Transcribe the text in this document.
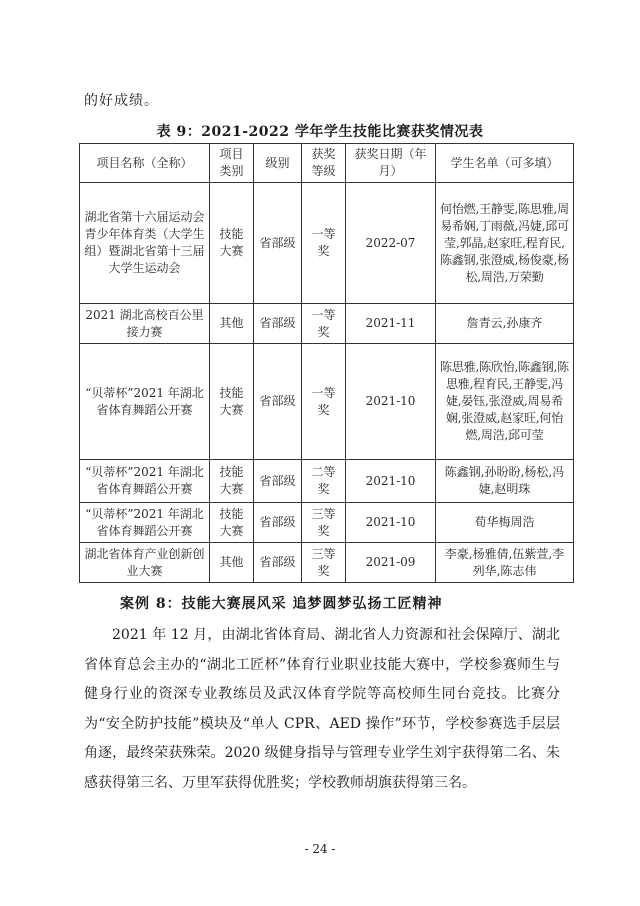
的好成绩。
表 9：2021-2022 学年学生技能比赛获奖情况表
项目名称（全称）	项目类别	级别	获奖等级	获奖日期（年月）	学生名单（可多填）
湖北省第十六届运动会青少年体育类（大学生组）暨湖北省第十三届大学生运动会	技能大赛	省部级	一等奖	2022-07	何怡燃,王静雯,陈思雅,周易希娴,丁雨薇,冯婕,邱可莹,郭晶,赵家旺,程育民,陈鑫钢,张澄威,杨俊豪,杨松,周浩,万荣勤
2021 湖北高校百公里接力赛	其他	省部级	一等奖	2021-11	詹青云,孙康齐
“贝蒂杯”2021 年湖北省体育舞蹈公开赛	技能大赛	省部级	一等奖	2021-10	陈思雅,陈欣怡,陈鑫钢,陈思雅,程育民,王静雯,冯婕,晏钰,张澄威,周易希娴,张澄威,赵家旺,何怡燃,周浩,邱可莹
“贝蒂杯”2021 年湖北省体育舞蹈公开赛	技能大赛	省部级	二等奖	2021-10	陈鑫钢,孙盼盼,杨松,冯婕,赵明珠
“贝蒂杯”2021 年湖北省体育舞蹈公开赛	技能大赛	省部级	三等奖	2021-10	荀华梅周浩
湖北省体育产业创新创业大赛	其他	省部级	三等奖	2021-09	李豪,杨雅倩,伍紫萱,李列华,陈志伟
案例 8：技能大赛展风采 追梦圆梦弘扬工匠精神
2021 年 12 月，由湖北省体育局、湖北省人力资源和社会保障厅、湖北省体育总会主办的“湖北工匠杯”体育行业职业技能大赛中，学校参赛师生与健身行业的资深专业教练员及武汉体育学院等高校师生同台竞技。比赛分为“安全防护技能”模块及“单人 CPR、AED 操作”环节，学校参赛选手层层角逐，最终荣获殊荣。2020 级健身指导与管理专业学生刘宇获得第二名、朱感获得第三名、万里军获得优胜奖；学校教师胡旗获得第三名。
- 24 -
